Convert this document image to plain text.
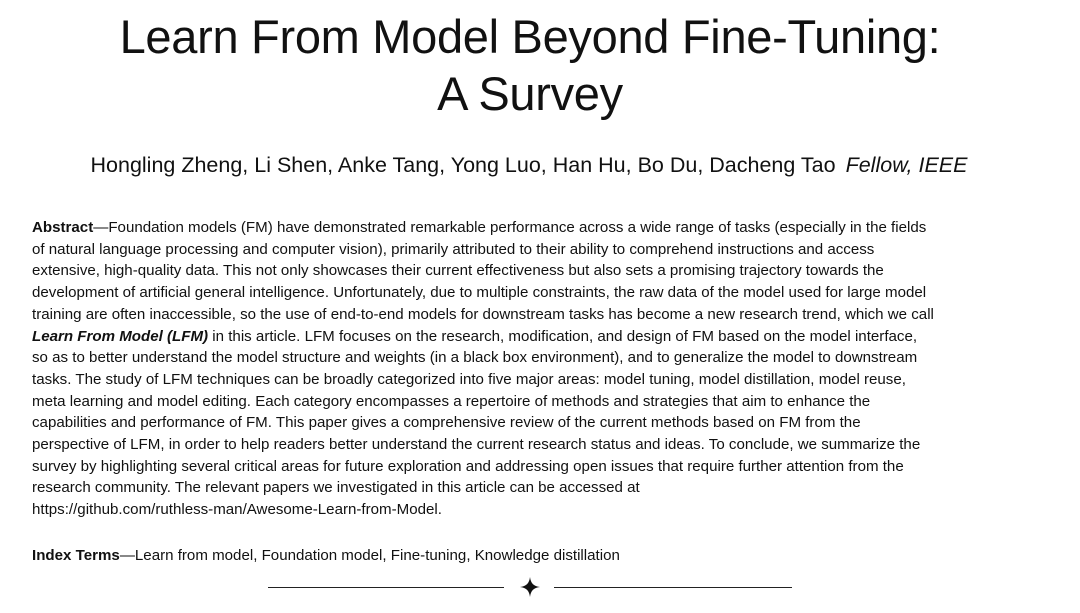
Learn From Model Beyond Fine-Tuning:
A Survey
Hongling Zheng, Li Shen, Anke Tang, Yong Luo, Han Hu, Bo Du, Dacheng Tao Fellow, IEEE
Abstract—Foundation models (FM) have demonstrated remarkable performance across a wide range of tasks (especially in the fields
of natural language processing and computer vision), primarily attributed to their ability to comprehend instructions and access
extensive, high-quality data. This not only showcases their current effectiveness but also sets a promising trajectory towards the
development of artificial general intelligence. Unfortunately, due to multiple constraints, the raw data of the model used for large model
training are often inaccessible, so the use of end-to-end models for downstream tasks has become a new research trend, which we call
Learn From Model (LFM) in this article. LFM focuses on the research, modification, and design of FM based on the model interface,
so as to better understand the model structure and weights (in a black box environment), and to generalize the model to downstream
tasks. The study of LFM techniques can be broadly categorized into five major areas: model tuning, model distillation, model reuse,
meta learning and model editing. Each category encompasses a repertoire of methods and strategies that aim to enhance the
capabilities and performance of FM. This paper gives a comprehensive review of the current methods based on FM from the
perspective of LFM, in order to help readers better understand the current research status and ideas. To conclude, we summarize the
survey by highlighting several critical areas for future exploration and addressing open issues that require further attention from the
research community. The relevant papers we investigated in this article can be accessed at
https://github.com/ruthless-man/Awesome-Learn-from-Model.
Index Terms—Learn from model, Foundation model, Fine-tuning, Knowledge distillation
